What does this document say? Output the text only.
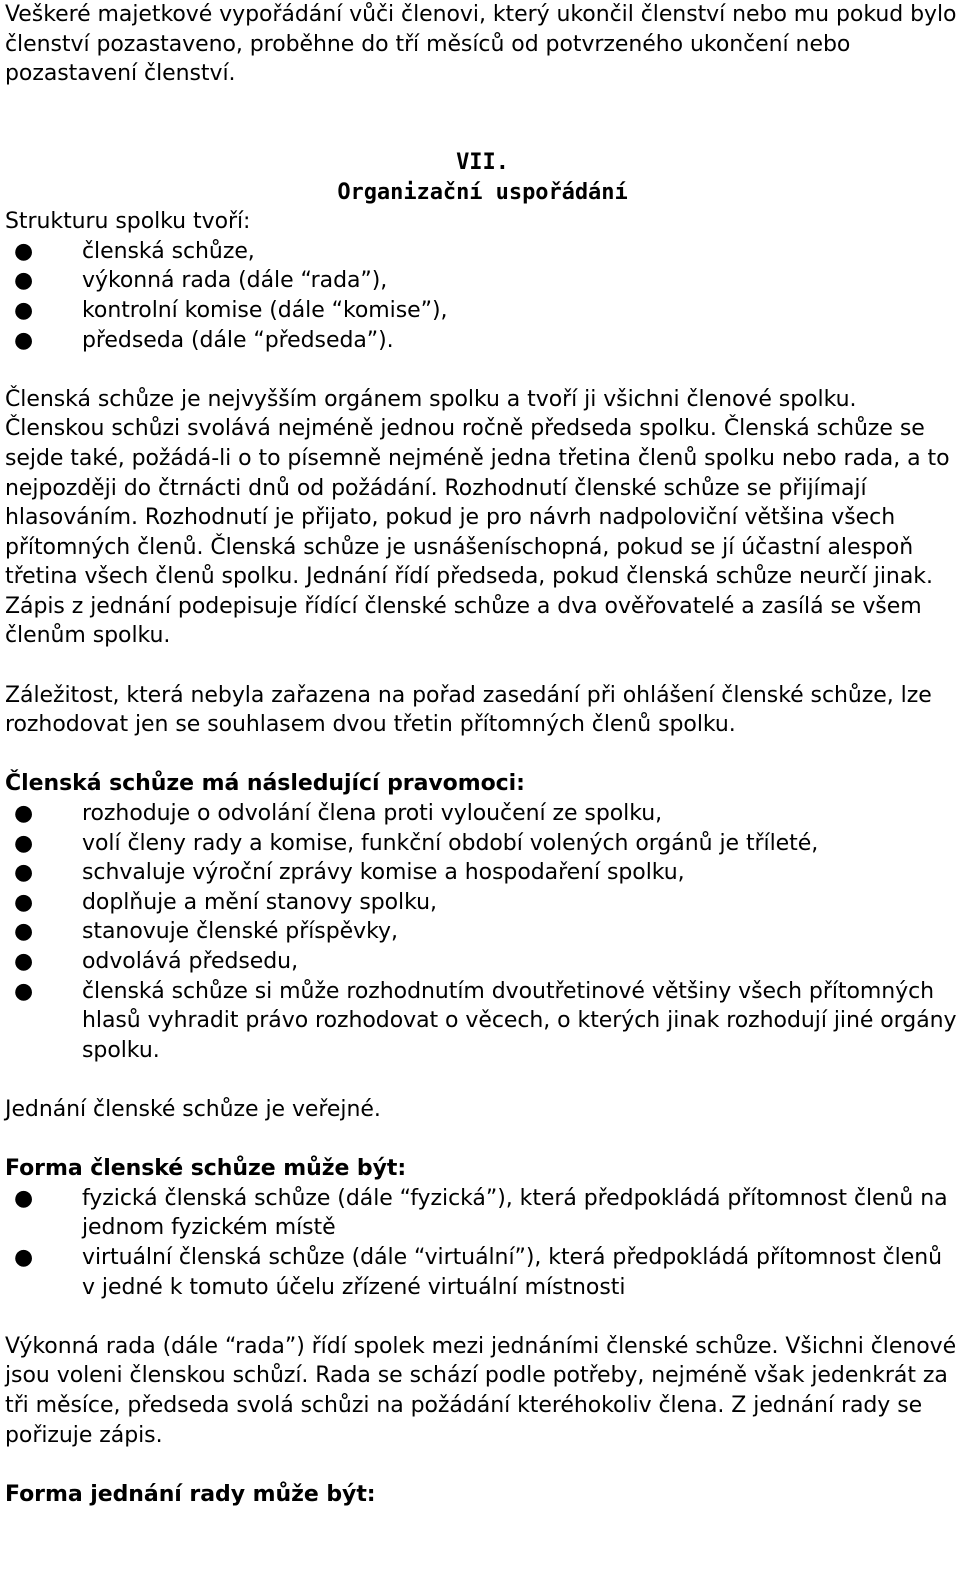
Veškeré majetkové vypořádání vůči členovi, který ukončil členství nebo mu pokud bylo členství pozastaveno, proběhne do tří měsíců od potvrzeného ukončení nebo pozastavení členství.

VII.

Organizační uspořádání

Strukturu spolku tvoří:

● členská schůze,
● výkonná rada (dále “rada”),
● kontrolní komise (dále “komise”),
● předseda (dále “předseda”).

Členská schůze je nejvyšším orgánem spolku a tvoří ji všichni členové spolku. Členskou schůzi svolává nejméně jednou ročně předseda spolku. Členská schůze se sejde také, požádá-li o to písemně nejméně jedna třetina členů spolku nebo rada, a to nejpozději do čtrnácti dnů od požádání. Rozhodnutí členské schůze se přijímají hlasováním. Rozhodnutí je přijato, pokud je pro návrh nadpoloviční většina všech přítomných členů. Členská schůze je usnášeníschopná, pokud se jí účastní alespoň třetina všech členů spolku. Jednání řídí předseda, pokud členská schůze neurčí jinak. Zápis z jednání podepisuje řídící členské schůze a dva ověřovatelé a zasílá se všem členům spolku.

Záležitost, která nebyla zařazena na pořad zasedání při ohlášení členské schůze, lze rozhodovat jen se souhlasem dvou třetin přítomných členů spolku.

Členská schůze má následující pravomoci:

● rozhoduje o odvolání člena proti vyloučení ze spolku,
● volí členy rady a komise, funkční období volených orgánů je tříleté,
● schvaluje výroční zprávy komise a hospodaření spolku,
● doplňuje a mění stanovy spolku,
● stanovuje členské příspěvky,
● odvolává předsedu,
● členská schůze si může rozhodnutím dvoutřetinové většiny všech přítomných hlasů vyhradit právo rozhodovat o věcech, o kterých jinak rozhodují jiné orgány spolku.

Jednání členské schůze je veřejné.

Forma členské schůze může být:

● fyzická členská schůze (dále “fyzická”), která předpokládá přítomnost členů na jednom fyzickém místě
● virtuální členská schůze (dále “virtuální”), která předpokládá přítomnost členů v jedné k tomuto účelu zřízené virtuální místnosti

Výkonná rada (dále “rada”) řídí spolek mezi jednáními členské schůze. Všichni členové jsou voleni členskou schůzí. Rada se schází podle potřeby, nejméně však jedenkrát za tři měsíce, předseda svolá schůzi na požádání kteréhokoliv člena. Z jednání rady se pořizuje zápis.

Forma jednání rady může být:
